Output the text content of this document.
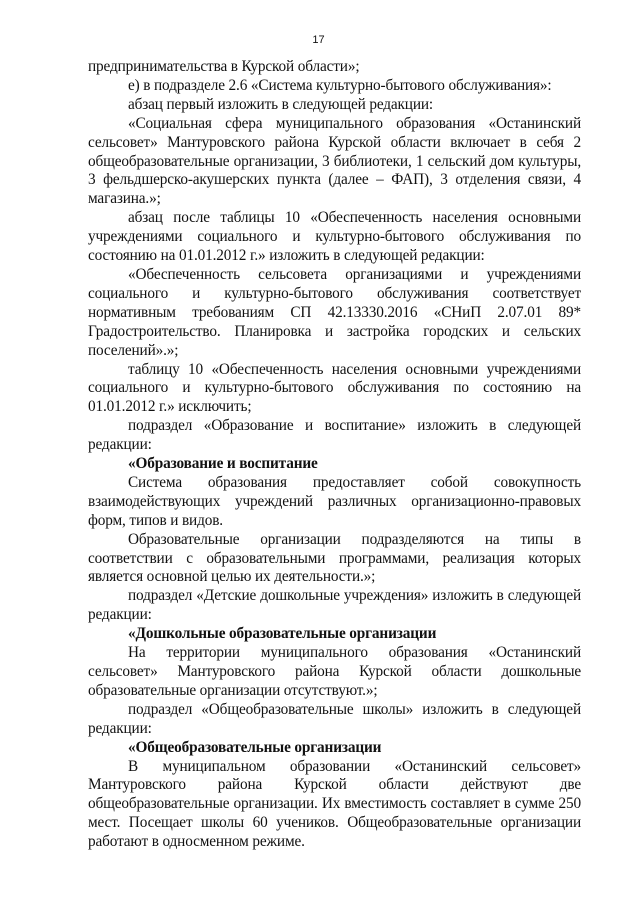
17

предпринимательства в Курской области»;

е) в подразделе 2.6 «Система культурно-бытового обслуживания»:

абзац первый изложить в следующей редакции:

«Социальная сфера муниципального образования «Останинский сельсовет» Мантуровского района Курской области включает в себя 2 общеобразовательные организации, 3 библиотеки, 1 сельский дом культуры, 3 фельдшерско-акушерских пункта (далее – ФАП), 3 отделения связи, 4 магазина.»;

абзац после таблицы 10 «Обеспеченность населения основными учреждениями социального и культурно-бытового обслуживания по состоянию на 01.01.2012 г.» изложить в следующей редакции:

«Обеспеченность сельсовета организациями и учреждениями социального и культурно-бытового обслуживания соответствует нормативным требованиям СП 42.13330.2016 «СНиП 2.07.01 89* Градостроительство. Планировка и застройка городских и сельских поселений».»;

таблицу 10 «Обеспеченность населения основными учреждениями социального и культурно-бытового обслуживания по состоянию на 01.01.2012 г.» исключить;

подраздел «Образование и воспитание» изложить в следующей редакции:

«Образование и воспитание

Система образования предоставляет собой совокупность взаимодействующих учреждений различных организационно-правовых форм, типов и видов.

Образовательные организации подразделяются на типы в соответствии с образовательными программами, реализация которых является основной целью их деятельности.»;

подраздел «Детские дошкольные учреждения» изложить в следующей редакции:

«Дошкольные образовательные организации

На территории муниципального образования «Останинский сельсовет» Мантуровского района Курской области дошкольные образовательные организации отсутствуют.»;

подраздел «Общеобразовательные школы» изложить в следующей редакции:

«Общеобразовательные организации

В муниципальном образовании «Останинский сельсовет» Мантуровского района Курской области действуют две общеобразовательные организации. Их вместимость составляет в сумме 250 мест. Посещает школы 60 учеников. Общеобразовательные организации работают в односменном режиме.
